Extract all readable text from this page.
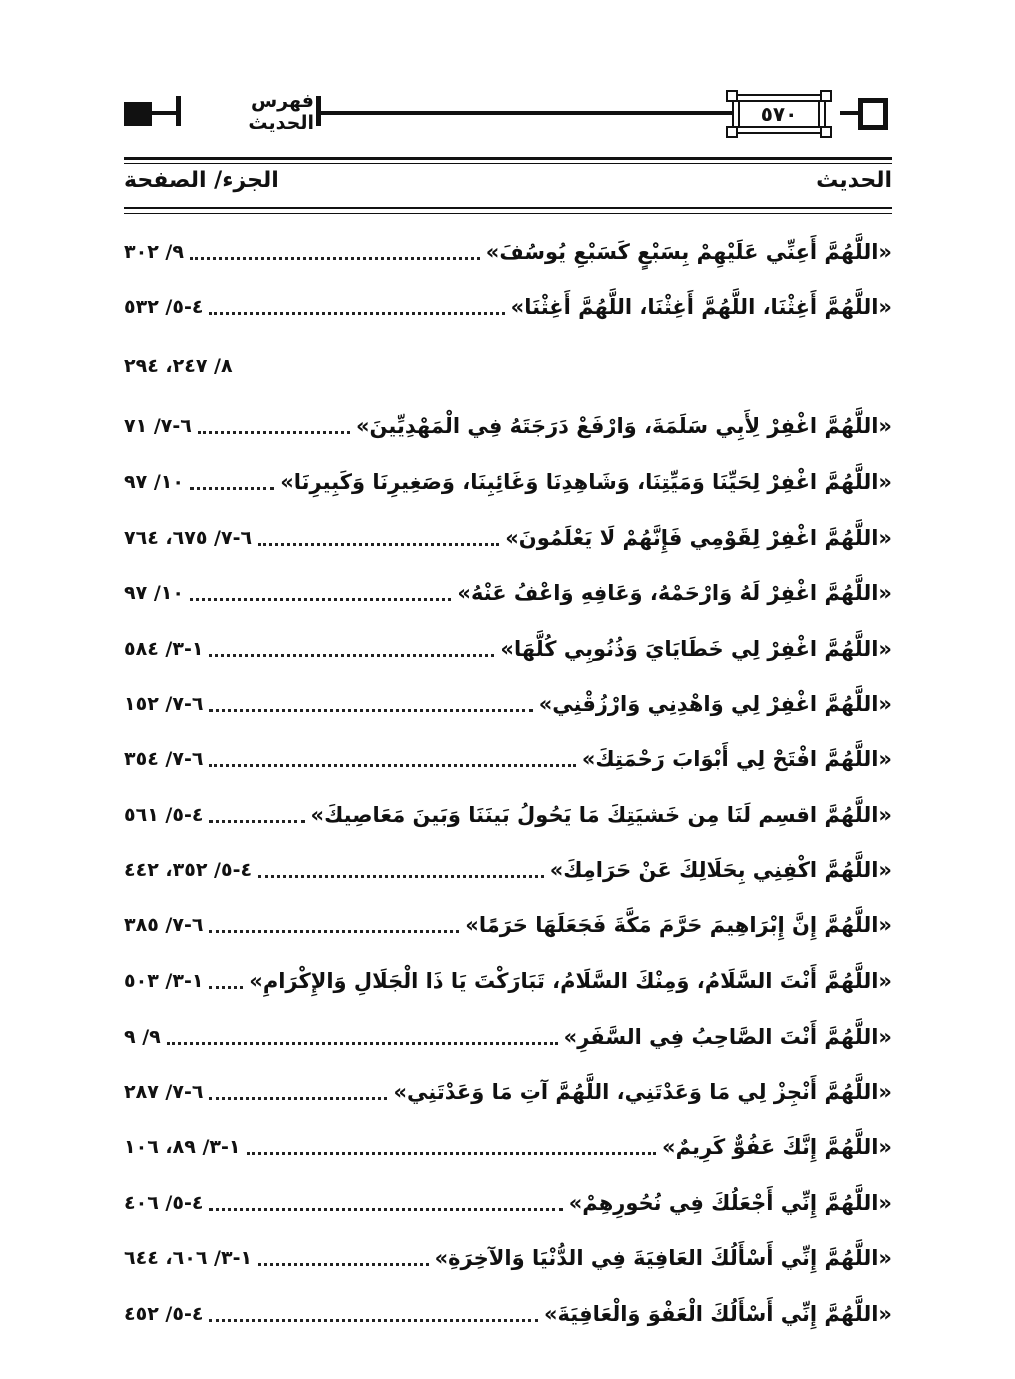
فهرس الحديث	٥٧٠
الحديث
الجزء/ الصفحة
«اللَّهُمَّ أَعِنِّي عَلَيْهِمْ بِسَبْعٍ كَسَبْعِ يُوسُفَ»
٩/ ٣٠٢
«اللَّهُمَّ أَغِثْنَا، اللَّهُمَّ أَغِثْنَا، اللَّهُمَّ أَغِثْنَا»
٤-٥/ ٥٣٢
٨/ ٢٤٧، ٢٩٤
«اللَّهُمَّ اغْفِرْ لِأَبِي سَلَمَةَ، وَارْفَعْ دَرَجَتَهُ فِي الْمَهْدِيِّينَ»
٦-٧/ ٧١
«اللَّهُمَّ اغْفِرْ لِحَيِّنَا وَمَيِّتِنَا، وَشَاهِدِنَا وَغَائِبِنَا، وَصَغِيرِنَا وَكَبِيرِنَا»
١٠/ ٩٧
«اللَّهُمَّ اغْفِرْ لِقَوْمِي فَإِنَّهُمْ لَا يَعْلَمُونَ»
٦-٧/ ٦٧٥، ٧٦٤
«اللَّهُمَّ اغْفِرْ لَهُ وَارْحَمْهُ، وَعَافِهِ وَاعْفُ عَنْهُ»
١٠/ ٩٧
«اللَّهُمَّ اغْفِرْ لِي خَطَايَايَ وَذُنُوبِي كُلَّهَا»
١-٣/ ٥٨٤
«اللَّهُمَّ اغْفِرْ لِي وَاهْدِنِي وَارْزُقْنِي»
٦-٧/ ١٥٢
«اللَّهُمَّ افْتَحْ لِي أَبْوَابَ رَحْمَتِكَ»
٦-٧/ ٣٥٤
«اللَّهُمَّ اقسِم لَنَا مِن خَشيَتِكَ مَا يَحُولُ بَينَنَا وَبَينَ مَعَاصِيكَ»
٤-٥/ ٥٦١
«اللَّهُمَّ اكْفِنِي بِحَلَالِكَ عَنْ حَرَامِكَ»
٤-٥/ ٣٥٢، ٤٤٢
«اللَّهُمَّ إِنَّ إِبْرَاهِيمَ حَرَّمَ مَكَّةَ فَجَعَلَهَا حَرَمًا»
٦-٧/ ٣٨٥
«اللَّهُمَّ أَنْتَ السَّلَامُ، وَمِنْكَ السَّلَامُ، تَبَارَكْتَ يَا ذَا الْجَلَالِ وَالإِكْرَامِ»
١-٣/ ٥٠٣
«اللَّهُمَّ أَنْتَ الصَّاحِبُ فِي السَّفَرِ»
٩/ ٩
«اللَّهُمَّ أَنْجِزْ لِي مَا وَعَدْتَنِي، اللَّهُمَّ آتِ مَا وَعَدْتَنِي»
٦-٧/ ٢٨٧
«اللَّهُمَّ إِنَّكَ عَفُوٌّ كَرِيمٌ»
١-٣/ ٨٩، ١٠٦
«اللَّهُمَّ إِنِّي أَجْعَلُكَ فِي نُحُورِهِمْ»
٤-٥/ ٤٠٦
«اللَّهُمَّ إِنِّي أَسْأَلُكَ العَافِيَةَ فِي الدُّنْيَا وَالآخِرَةِ»
١-٣/ ٦٠٦، ٦٤٤
«اللَّهُمَّ إِنِّي أَسْأَلُكَ الْعَفْوَ وَالْعَافِيَةَ»
٤-٥/ ٤٥٢
